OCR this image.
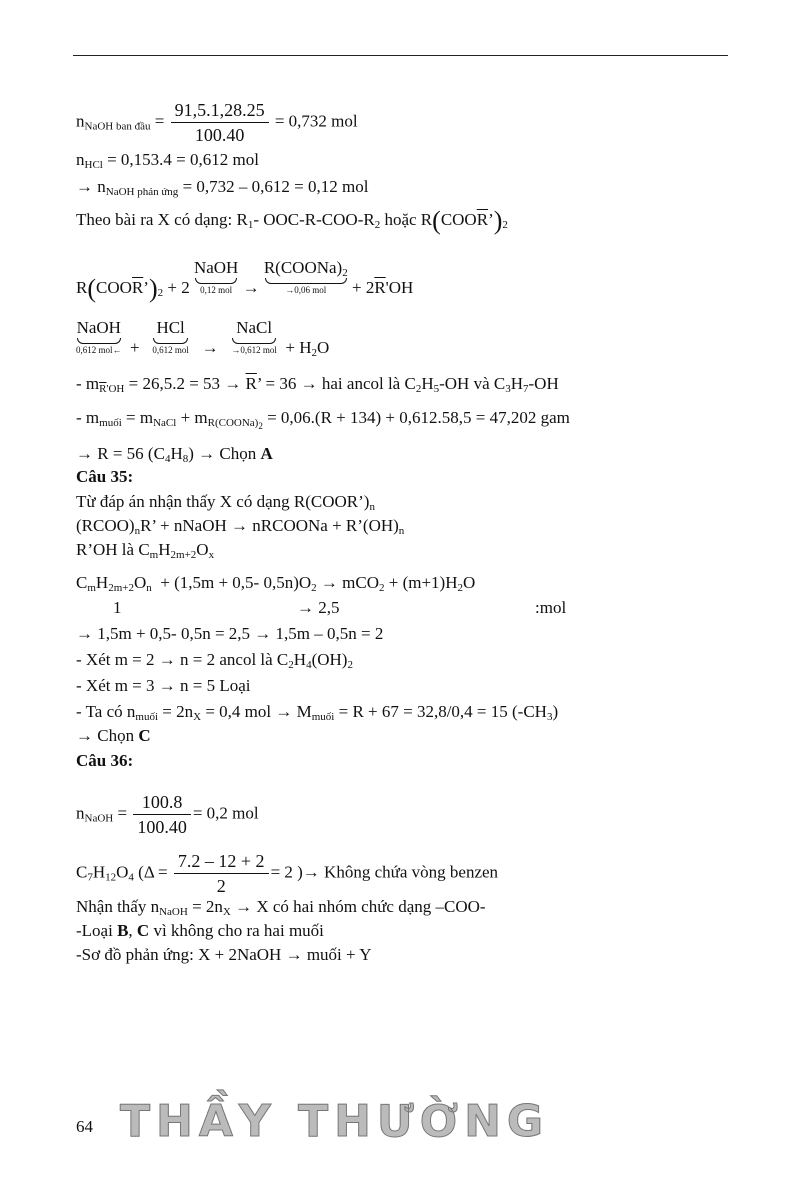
$n_{NaOH ban đầu} = \frac{91,5.1,28.25}{100.40} = 0,732$ mol
$n_{HCl} = 0,153.4 = 0,612$ mol
→ $n_{NaOH phản ứng} = 0,732 - 0,612 = 0,12$ mol
Theo bài ra X có dạng: $R_1-$ OOC-$R-COO-R_2$ hoặc $R(COO\overline{R}’)_2$
$R(COO\overline{R}’)_2 + 2$
NaOH
0,12 mol →
$R(COONa)_2$
→0,06 mol	+ $2\overline{R}'OH$
NaOH
0,612 mol← +
HCl
0,612 mol →
NaCl
→0,612 mol + $H_2O$
- $m_{\overline{R}'OH} = 26,5.2 = 53 \to \overline{R}$’ = 36 → hai ancol là $C_2H_5-OH$ và $C_3H_7-OH$
- $m_{muối} = m_{NaCl} + m_{R(COONa)_2} = 0,06.(R + 134) + 0,612.58,5 = 47,202$ gam
→ R = 56 $(C_4H_8)$ → Chọn A
Câu 35:
Từ đáp án nhận thấy X có dạng $R(COOR’)_n$
$(RCOO)_nR$’ + nNaOH → nRCOONa + $R’(OH)_n$
R’OH là $C_mH_{2m+2}O_x$
$C_mH_{2m+2}O_n + (1,5m + 0,5-$ $0,5n)O_2 \to mCO_2 + (m+1)H_2O$
1	→ 2,5	:mol
→ 1,5m + 0,5- 0,5n = 2,5 → 1,5m – 0,5n = 2
- Xét m = 2 → n = 2 ancol là $C_2H_4(OH)_2$
- Xét m = 3 → n = 5 Loại
- Ta có $n_{muối} = 2n_X = 0,4$ mol → $M_{muối} = R + 67 = 32,8/0,4 = 15$ $(-CH_3)$
→ Chọn C
Câu 36:
$n_{NaOH} = \frac{100.8}{100.40} = 0,2$ mol
$C_7H_{12}O_4$ ($\Delta = \frac{7.2 - 12 + 2}{2} = 2$ )→ Không chứa vòng benzen
Nhận thấy $n_{NaOH} = 2n_X \to X$ có hai nhóm chức dạng –COO-
-Loại B, C vì không cho ra hai muối
-Sơ đồ phản ứng: X + 2NaOH → muối + Y
64 THẦY THƯỜNG
